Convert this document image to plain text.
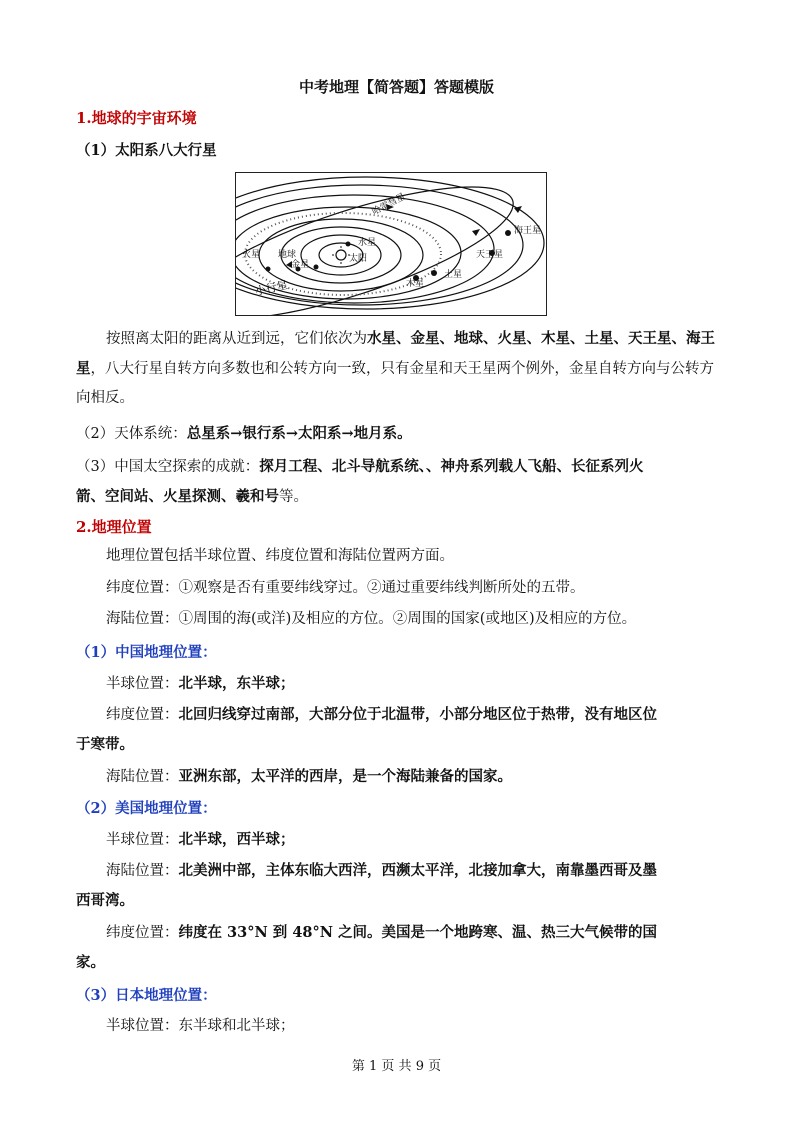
中考地理【简答题】答题模版
1.地球的宇宙环境
（1）太阳系八大行星
哈雷彗星
海王星
水星
地球
火星
金星
太阳	天王星
土星
木星
小行星
按照离太阳的距离从近到远，它们依次为水星、金星、地球、火星、木星、土星、天王星、海王星，八大行星自转方向多数也和公转方向一致，只有金星和天王星两个例外，金星自转方向与公转方向相反。
（2）天体系统：总星系→银行系→太阳系→地月系。
（3）中国太空探索的成就：探月工程、北斗导航系统、、神舟系列载人飞船、长征系列火
箭、空间站、火星探测、羲和号等。
2.地理位置
地理位置包括半球位置、纬度位置和海陆位置两方面。
纬度位置：①观察是否有重要纬线穿过。②通过重要纬线判断所处的五带。
海陆位置：①周围的海(或洋)及相应的方位。②周围的国家(或地区)及相应的方位。
（1）中国地理位置：
半球位置：北半球，东半球；
纬度位置：北回归线穿过南部，大部分位于北温带，小部分地区位于热带，没有地区位
于寒带。
海陆位置：亚洲东部，太平洋的西岸，是一个海陆兼备的国家。
（2）美国地理位置：
半球位置：北半球，西半球；
海陆位置：北美洲中部，主体东临大西洋，西濒太平洋，北接加拿大，南靠墨西哥及墨
西哥湾。
纬度位置：纬度在 33°N 到 48°N 之间。美国是一个地跨寒、温、热三大气候带的国
家。
（3）日本地理位置：
半球位置：东半球和北半球；
第 1 页 共 9 页
